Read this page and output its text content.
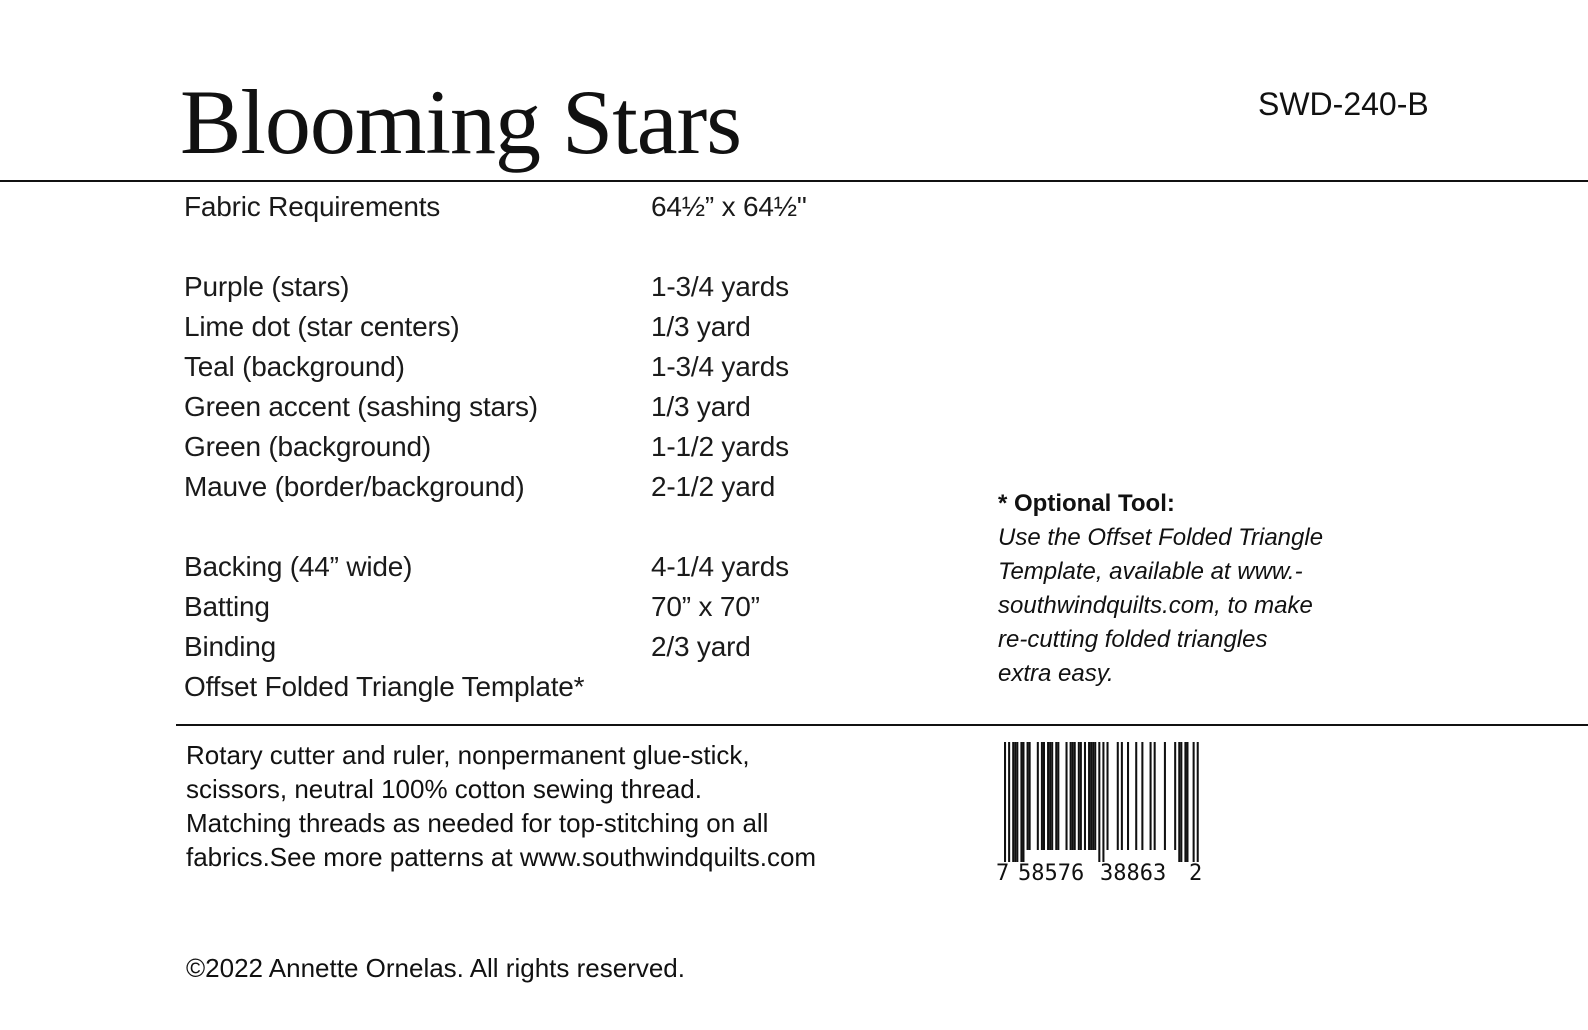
Blooming Stars	SWD-240-B
Fabric Requirements	64½” x 64½"
Purple (stars)	1-3/4 yards
Lime dot (star centers)	1/3 yard
Teal (background)	1-3/4 yards
Green accent (sashing stars)	1/3 yard
Green (background)	1-1/2 yards
Mauve (border/background)	2-1/2 yard
Backing (44” wide)	4-1/4 yards
Batting	70” x 70”
Binding	2/3 yard
Offset Folded Triangle Template*
* Optional Tool:
Use the Offset Folded Triangle
Template, available at www.-
southwindquilts.com, to make
re-cutting folded triangles
extra easy.
Rotary cutter and ruler, nonpermanent glue-stick,
scissors, neutral 100% cotton sewing thread.
Matching threads as needed for top-stitching on all
fabrics.See more patterns at www.southwindquilts.com
7 58576 38863 2
©2022 Annette Ornelas. All rights reserved.
